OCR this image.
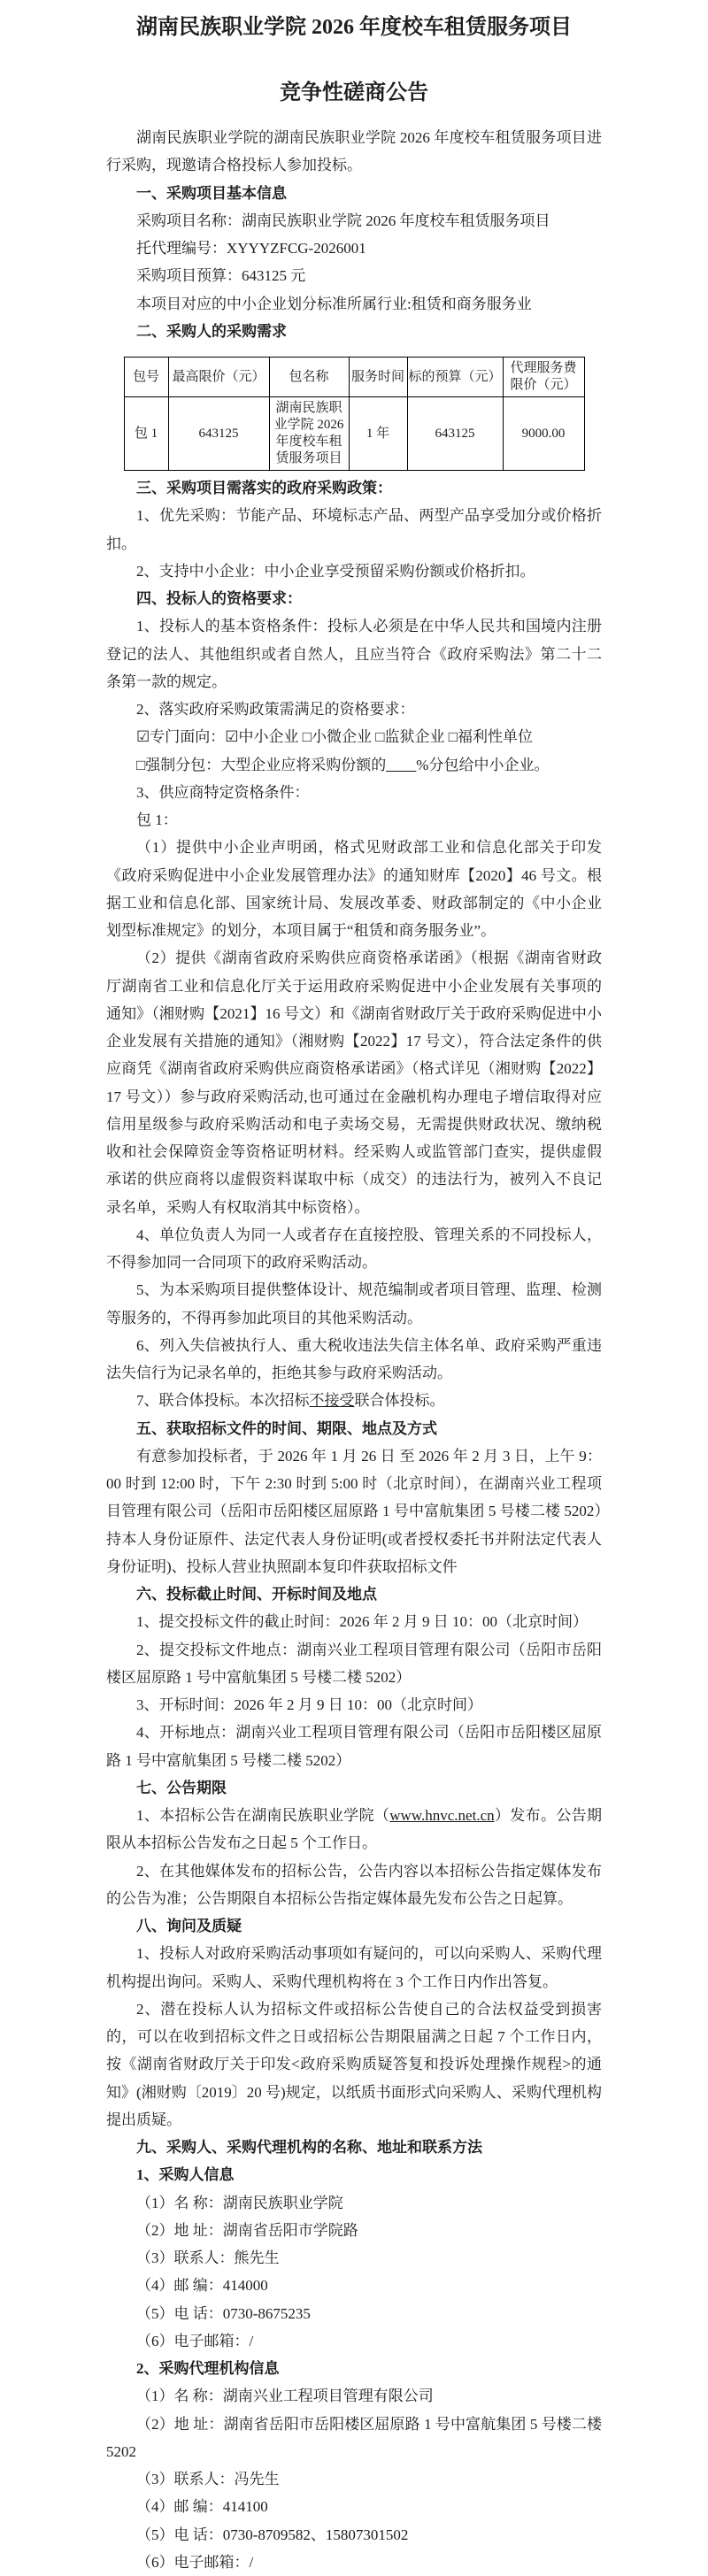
湖南民族职业学院 2026 年度校车租赁服务项目
竞争性磋商公告

湖南民族职业学院的湖南民族职业学院 2026 年度校车租赁服务项目进行采购，现邀请合格投标人参加投标。

一、采购项目基本信息

采购项目名称：湖南民族职业学院 2026 年度校车租赁服务项目

托代理编号：XYYYZFCG-2026001

采购项目预算：643125 元

本项目对应的中小企业划分标准所属行业:租赁和商务服务业

二、采购人的采购需求

包号	最高限价（元）	包名称	服务时间	标的预算（元）	代理服务费限价（元）
包 1	643125	湖南民族职业学院 2026 年度校车租赁服务项目	1 年	643125	9000.00

三、采购项目需落实的政府采购政策：

1、优先采购：节能产品、环境标志产品、两型产品享受加分或价格折扣。

2、支持中小企业：中小企业享受预留采购份额或价格折扣。

四、投标人的资格要求：

1、投标人的基本资格条件：投标人必须是在中华人民共和国境内注册登记的法人、其他组织或者自然人，且应当符合《政府采购法》第二十二条第一款的规定。

2、落实政府采购政策需满足的资格要求：

☑专门面向：☑中小企业 □小微企业 □监狱企业 □福利性单位

□强制分包：大型企业应将采购份额的____%分包给中小企业。

3、供应商特定资格条件：

包 1：

（1）提供中小企业声明函，格式见财政部工业和信息化部关于印发《政府采购促进中小企业发展管理办法》的通知财库【2020】46 号文。根据工业和信息化部、国家统计局、发展改革委、财政部制定的《中小企业划型标准规定》的划分，本项目属于“租赁和商务服务业”。

（2）提供《湖南省政府采购供应商资格承诺函》（根据《湖南省财政厅湖南省工业和信息化厅关于运用政府采购促进中小企业发展有关事项的通知》（湘财购【2021】16 号文）和《湖南省财政厅关于政府采购促进中小企业发展有关措施的通知》（湘财购【2022】17 号文），符合法定条件的供应商凭《湖南省政府采购供应商资格承诺函》（格式详见（湘财购【2022】17 号文））参与政府采购活动,也可通过在金融机构办理电子增信取得对应信用星级参与政府采购活动和电子卖场交易，无需提供财政状况、缴纳税收和社会保障资金等资格证明材料。经采购人或监管部门查实，提供虚假承诺的供应商将以虚假资料谋取中标（成交）的违法行为，被列入不良记录名单，采购人有权取消其中标资格）。

4、单位负责人为同一人或者存在直接控股、管理关系的不同投标人，不得参加同一合同项下的政府采购活动。

5、为本采购项目提供整体设计、规范编制或者项目管理、监理、检测等服务的，不得再参加此项目的其他采购活动。

6、列入失信被执行人、重大税收违法失信主体名单、政府采购严重违法失信行为记录名单的，拒绝其参与政府采购活动。

7、联合体投标。本次招标不接受联合体投标。

五、获取招标文件的时间、期限、地点及方式

有意参加投标者，于 2026 年 1 月 26 日 至 2026 年 2 月 3 日，上午 9：00 时到 12:00 时，下午 2:30 时到 5:00 时（北京时间），在湖南兴业工程项目管理有限公司（岳阳市岳阳楼区屈原路 1 号中富航集团 5 号楼二楼 5202）持本人身份证原件、法定代表人身份证明(或者授权委托书并附法定代表人身份证明)、投标人营业执照副本复印件获取招标文件

六、投标截止时间、开标时间及地点

1、提交投标文件的截止时间：2026 年 2 月 9 日 10：00（北京时间）

2、提交投标文件地点：湖南兴业工程项目管理有限公司（岳阳市岳阳楼区屈原路 1 号中富航集团 5 号楼二楼 5202）

3、开标时间：2026 年 2 月 9 日 10：00（北京时间）

4、开标地点：湖南兴业工程项目管理有限公司（岳阳市岳阳楼区屈原路 1 号中富航集团 5 号楼二楼 5202）

七、公告期限

1、本招标公告在湖南民族职业学院（www.hnvc.net.cn）发布。公告期限从本招标公告发布之日起 5 个工作日。

2、在其他媒体发布的招标公告，公告内容以本招标公告指定媒体发布的公告为准；公告期限自本招标公告指定媒体最先发布公告之日起算。

八、询问及质疑

1、投标人对政府采购活动事项如有疑问的，可以向采购人、采购代理机构提出询问。采购人、采购代理机构将在 3 个工作日内作出答复。

2、潜在投标人认为招标文件或招标公告使自己的合法权益受到损害的，可以在收到招标文件之日或招标公告期限届满之日起 7 个工作日内，按《湖南省财政厅关于印发<政府采购质疑答复和投诉处理操作规程>的通知》(湘财购〔2019〕20 号)规定，以纸质书面形式向采购人、采购代理机构提出质疑。

九、采购人、采购代理机构的名称、地址和联系方法

1、采购人信息

（1）名 称：湖南民族职业学院

（2）地 址：湖南省岳阳市学院路

（3）联系人：熊先生

（4）邮 编：414000

（5）电 话：0730-8675235

（6）电子邮箱：/

2、采购代理机构信息

（1）名 称：湖南兴业工程项目管理有限公司

（2）地 址：湖南省岳阳市岳阳楼区屈原路 1 号中富航集团 5 号楼二楼 5202

（3）联系人：冯先生

（4）邮 编：414100

（5）电 话：0730-8709582、15807301502

（6）电子邮箱：/
